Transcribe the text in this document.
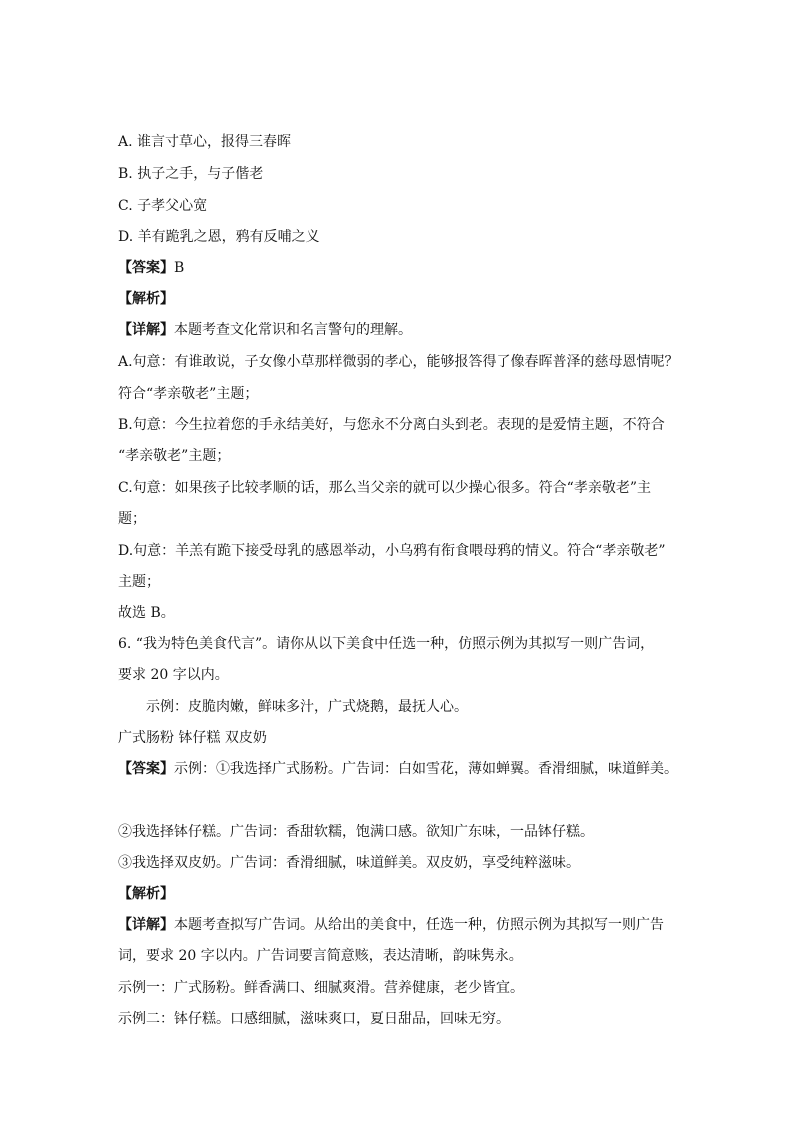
A. 谁言寸草心，报得三春晖
B. 执子之手，与子偕老
C. 子孝父心宽
D. 羊有跪乳之恩，鸦有反哺之义
【答案】B
【解析】
【详解】本题考查文化常识和名言警句的理解。
A.句意：有谁敢说，子女像小草那样微弱的孝心，能够报答得了像春晖普泽的慈母恩情呢？
符合“孝亲敬老”主题；
B.句意：今生拉着您的手永结美好，与您永不分离白头到老。表现的是爱情主题，不符合
“孝亲敬老”主题；
C.句意：如果孩子比较孝顺的话，那么当父亲的就可以少操心很多。符合“孝亲敬老”主
题；
D.句意：羊羔有跪下接受母乳的感恩举动，小乌鸦有衔食喂母鸦的情义。符合“孝亲敬老”
主题；
故选 B。
6. “我为特色美食代言”。请你从以下美食中任选一种，仿照示例为其拟写一则广告词，
要求 20 字以内。
示例：皮脆肉嫩，鲜味多汁，广式烧鹅，最抚人心。
广式肠粉 钵仔糕 双皮奶
【答案】示例：①我选择广式肠粉。广告词：白如雪花，薄如蝉翼。香滑细腻，味道鲜美。
②我选择钵仔糕。广告词：香甜软糯，饱满口感。欲知广东味，一品钵仔糕。
③我选择双皮奶。广告词：香滑细腻，味道鲜美。双皮奶，享受纯粹滋味。
【解析】
【详解】本题考查拟写广告词。从给出的美食中，任选一种，仿照示例为其拟写一则广告
词，要求 20 字以内。广告词要言简意赅，表达清晰，韵味隽永。
示例一：广式肠粉。鲜香满口、细腻爽滑。营养健康，老少皆宜。
示例二：钵仔糕。口感细腻，滋味爽口，夏日甜品，回味无穷。
